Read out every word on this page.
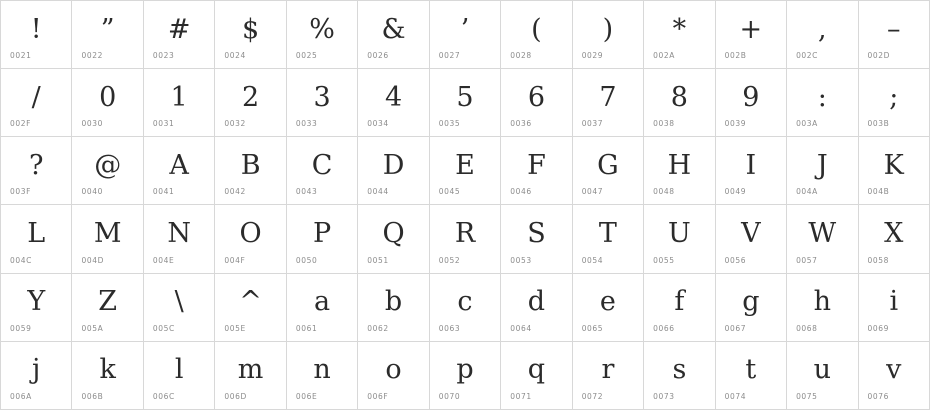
!
0021
”
0022
#
0023
$
0024
%
0025
&
0026
’
0027
(
0028
)
0029
*
002A
+
002B
,
002C
–
002D
/
002F
0
0030
1
0031
2
0032
3
0033
4
0034
5
0035
6
0036
7
0037
8
0038
9
0039
:
003A
;
003B
?
003F
@
0040
A
0041
B
0042
C
0043
D
0044
E
0045
F
0046
G
0047
H
0048
I
0049
J
004A
K
004B
L
004C
M
004D
N
004E
O
004F
P
0050
Q
0051
R
0052
S
0053
T
0054
U
0055
V
0056
W
0057
X
0058
Y
0059
Z
005A
\
005C
^
005E
a
0061
b
0062
c
0063
d
0064
e
0065
f
0066
g
0067
h
0068
i
0069
j
006A
k
006B
l
006C
m
006D
n
006E
o
006F
p
0070
q
0071
r
0072
s
0073
t
0074
u
0075
v
0076
